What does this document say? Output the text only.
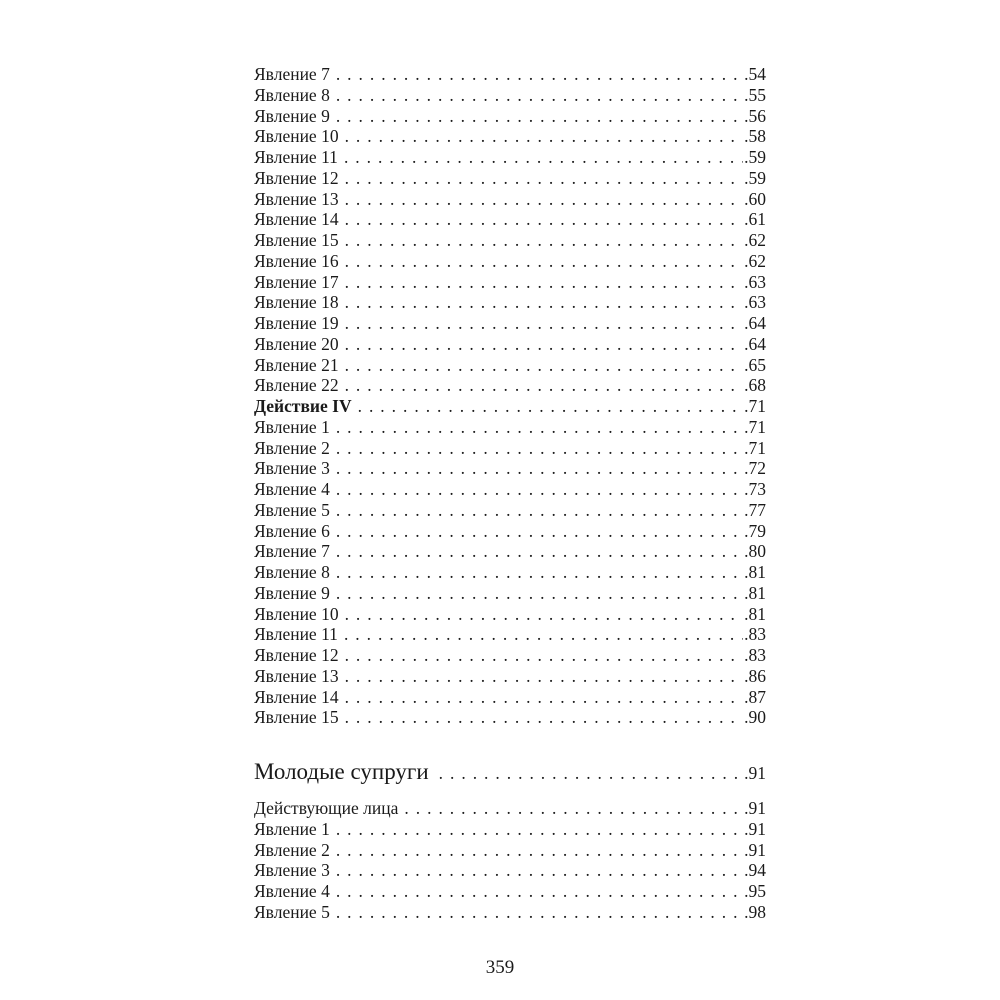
Явление 7 . . .	.54
Явление 8 . . .	.55
Явление 9 . . .	.56
Явление 10 . . .	.58
Явление 11 . . .	.59
Явление 12 . . .	.59
Явление 13 . . .	.60
Явление 14 . . .	.61
Явление 15 . . .	.62
Явление 16 . . .	.62
Явление 17 . . .	.63
Явление 18 . . .	.63
Явление 19 . . .	.64
Явление 20 . . .	.64
Явление 21 . . .	.65
Явление 22 . . .	.68
Действие IV . . .	.71
Явление 1 . . .	.71
Явление 2 . . .	.71
Явление 3 . . .	.72
Явление 4 . . .	.73
Явление 5 . . .	.77
Явление 6 . . .	.79
Явление 7 . . .	.80
Явление 8 . . .	.81
Явление 9 . . .	.81
Явление 10 . . .	.81
Явление 11 . . .	.83
Явление 12 . . .	.83
Явление 13 . . .	.86
Явление 14 . . .	.87
Явление 15 . . .	.90
Молодые супруги . . .	.91
Действующие лица . . .	.91
Явление 1 . . .	.91
Явление 2 . . .	.91
Явление 3 . . .	.94
Явление 4 . . .	.95
Явление 5 . . .	.98
359
